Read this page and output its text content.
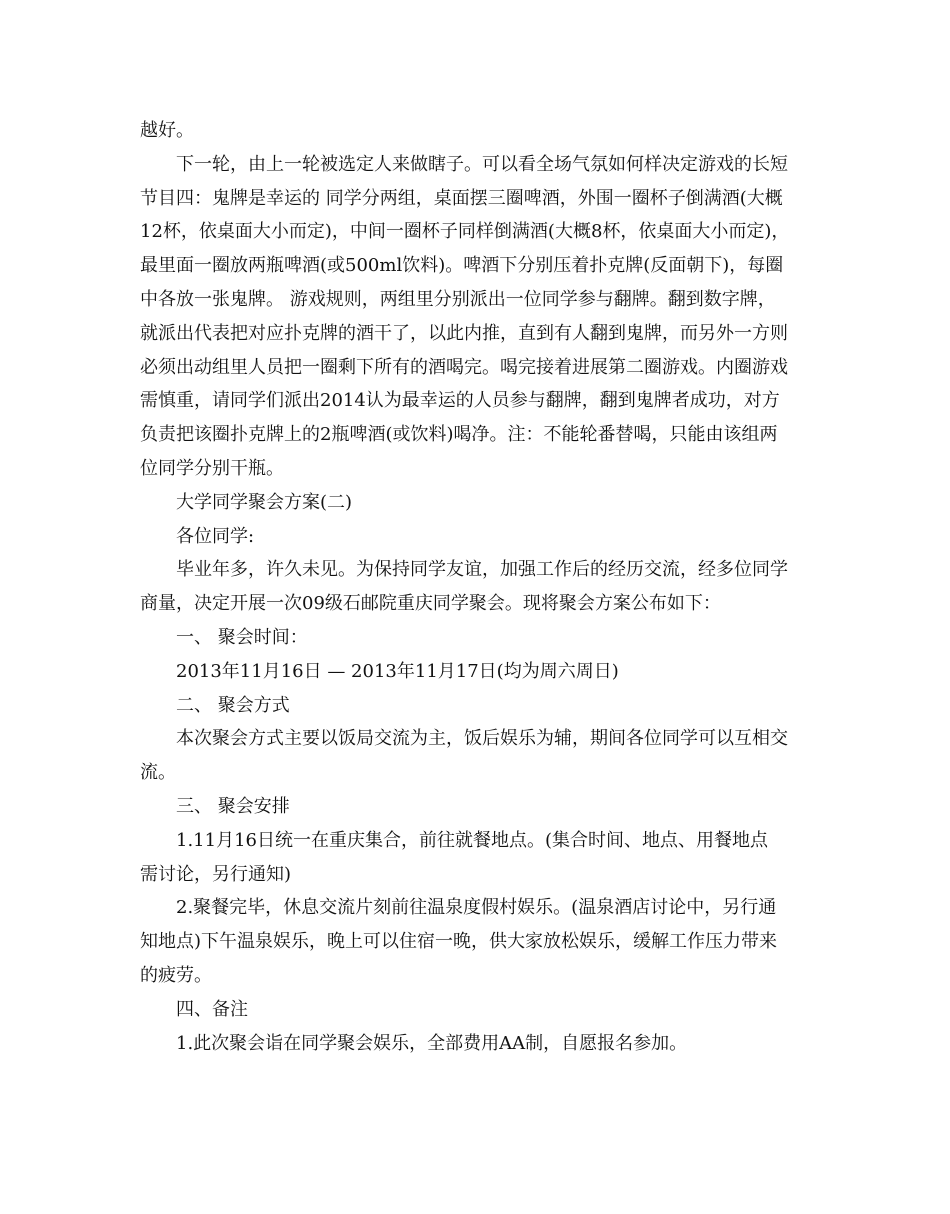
越好。
下一轮，由上一轮被选定人来做瞎子。可以看全场气氛如何样决定游戏的长短
节目四：鬼牌是幸运的 同学分两组，桌面摆三圈啤酒，外围一圈杯子倒满酒(大概
12杯，依桌面大小而定)，中间一圈杯子同样倒满酒(大概8杯，依桌面大小而定)，
最里面一圈放两瓶啤酒(或500ml饮料)。啤酒下分别压着扑克牌(反面朝下)，每圈
中各放一张鬼牌。 游戏规则，两组里分别派出一位同学参与翻牌。翻到数字牌，
就派出代表把对应扑克牌的酒干了，以此内推，直到有人翻到鬼牌，而另外一方则
必须出动组里人员把一圈剩下所有的酒喝完。喝完接着进展第二圈游戏。内圈游戏
需慎重，请同学们派出2014认为最幸运的人员参与翻牌，翻到鬼牌者成功，对方
负责把该圈扑克牌上的2瓶啤酒(或饮料)喝净。注：不能轮番替喝，只能由该组两
位同学分别干瓶。
大学同学聚会方案(二)
各位同学:
毕业年多，许久未见。为保持同学友谊，加强工作后的经历交流，经多位同学
商量，决定开展一次09级石邮院重庆同学聚会。现将聚会方案公布如下：
一、 聚会时间：
2013年11月16日 — 2013年11月17日(均为周六周日)
二、 聚会方式
本次聚会方式主要以饭局交流为主，饭后娱乐为辅，期间各位同学可以互相交
流。
三、 聚会安排
1.11月16日统一在重庆集合，前往就餐地点。(集合时间、地点、用餐地点
需讨论，另行通知)
2.聚餐完毕，休息交流片刻前往温泉度假村娱乐。(温泉酒店讨论中，另行通
知地点)下午温泉娱乐，晚上可以住宿一晚，供大家放松娱乐，缓解工作压力带来
的疲劳。
四、备注
1.此次聚会诣在同学聚会娱乐，全部费用AA制，自愿报名参加。
